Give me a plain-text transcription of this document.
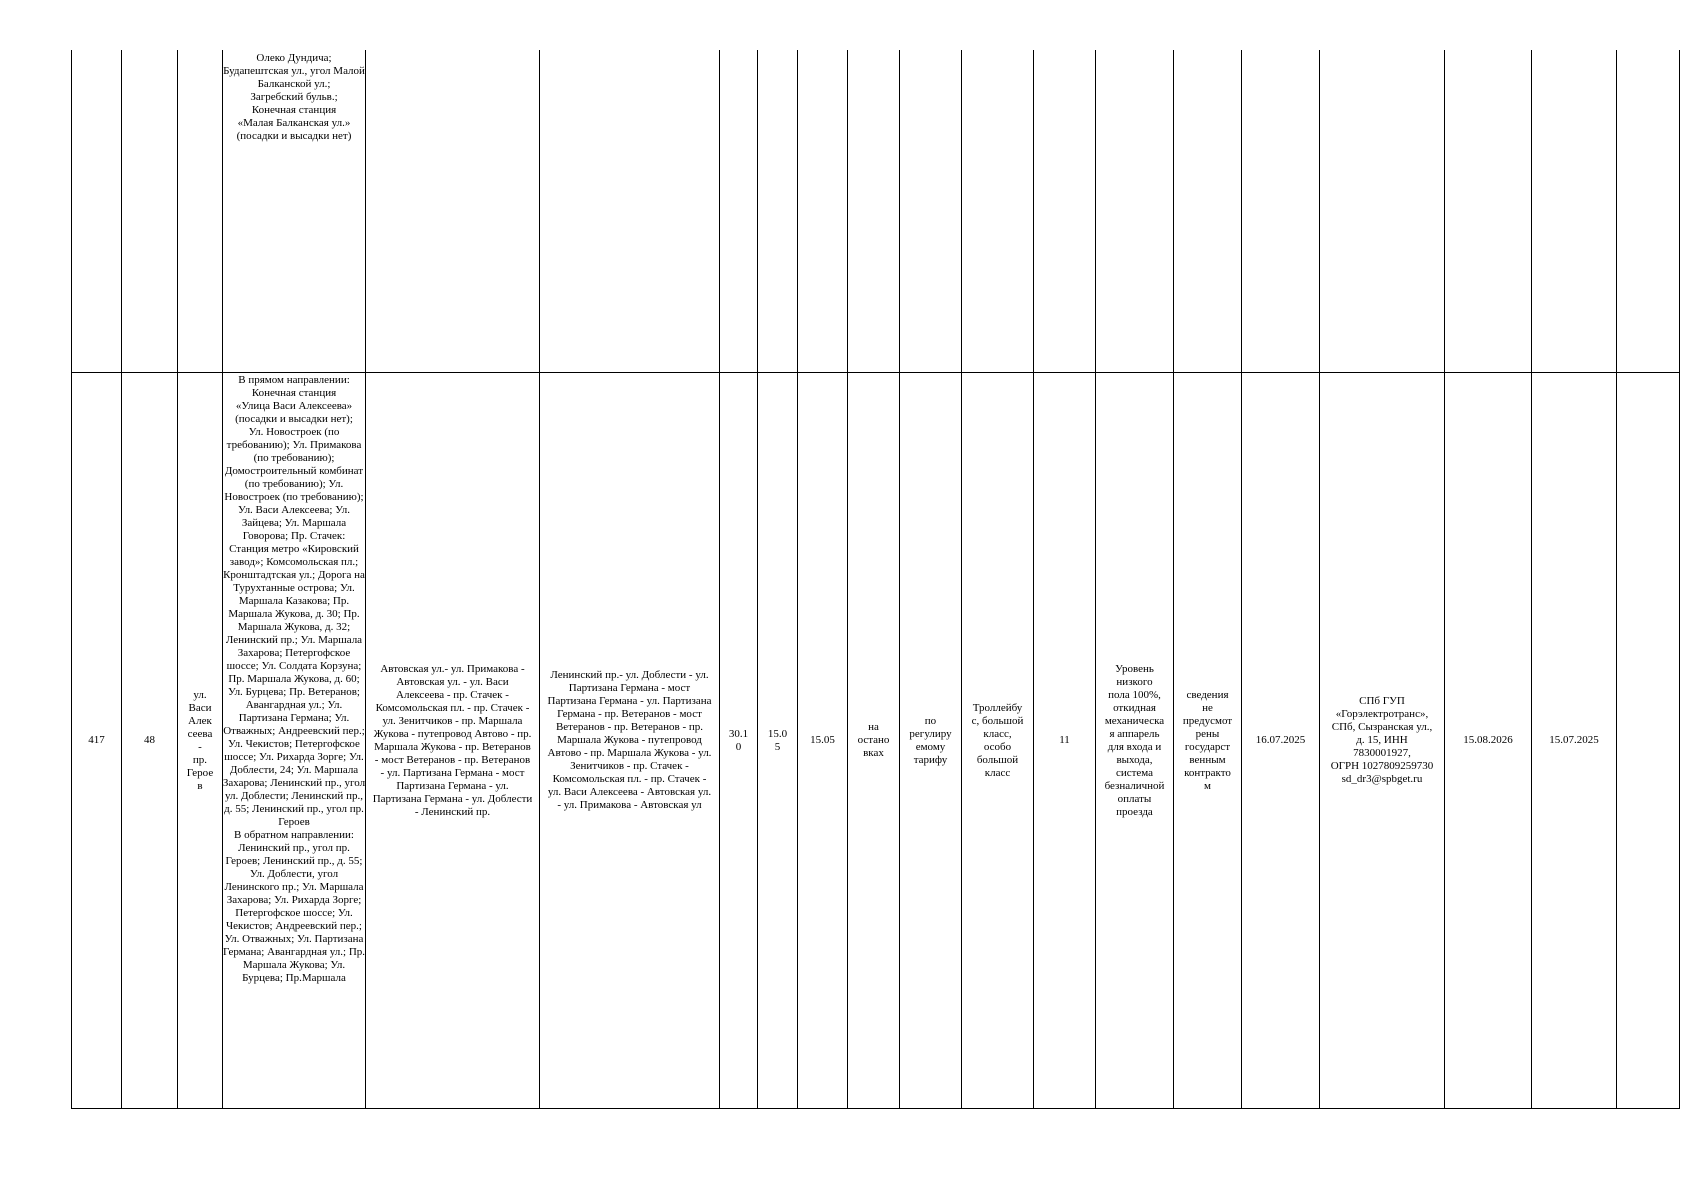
Олеко Дундича;
Будапештская ул., угол Малой Балканской ул.;
Загребский бульв.;
Конечная станция
«Малая Балканская ул.»
(посадки и высадки нет)
417	48
ул.
Васи
Алек
сеева
-
пр.
Герое
в
В прямом направлении:
Конечная станция
«Улица Васи Алексеева»
(посадки и высадки нет);
Ул. Новостроек (по требованию); Ул. Примакова (по требованию); Домостроительный комбинат (по требованию); Ул. Новостроек (по требованию); Ул. Васи Алексеева; Ул. Зайцева; Ул. Маршала Говорова; Пр. Стачек: Станция метро «Кировский завод»; Комсомольская пл.; Кронштадтская ул.; Дорога на Турухтанные острова; Ул. Маршала Казакова; Пр. Маршала Жукова, д. 30; Пр. Маршала Жукова, д. 32; Ленинский пр.; Ул. Маршала Захарова; Петергофское шоссе; Ул. Солдата Корзуна; Пр. Маршала Жукова, д. 60; Ул. Бурцева; Пр. Ветеранов; Авангардная ул.; Ул. Партизана Германа; Ул. Отважных; Андреевский пер.; Ул. Чекистов; Петергофское шоссе; Ул. Рихарда Зорге; Ул. Доблести, 24; Ул. Маршала Захарова; Ленинский пр., угол ул. Доблести; Ленинский пр., д. 55; Ленинский пр., угол пр. Героев
В обратном направлении:
Ленинский пр., угол пр. Героев; Ленинский пр., д. 55; Ул. Доблести, угол Ленинского пр.; Ул. Маршала Захарова; Ул. Рихарда Зорге; Петергофское шоссе; Ул. Чекистов; Андреевский пер.; Ул. Отважных; Ул. Партизана Германа; Авангардная ул.; Пр. Маршала Жукова; Ул. Бурцева; Пр.Маршала
Автовская ул.- ул. Примакова - Автовская ул. - ул. Васи Алексеева - пр. Стачек - Комсомольская пл. - пр. Стачек - ул. Зенитчиков - пр. Маршала Жукова - путепровод Автово - пр. Маршала Жукова - пр. Ветеранов - мост Ветеранов - пр. Ветеранов - ул. Партизана Германа - мост Партизана Германа - ул. Партизана Германа - ул. Доблести - Ленинский пр.
Ленинский пр.- ул. Доблести - ул. Партизана Германа - мост Партизана Германа - ул. Партизана Германа - пр. Ветеранов - мост Ветеранов - пр. Ветеранов - пр. Маршала Жукова - путепровод Автово - пр. Маршала Жукова - ул. Зенитчиков - пр. Стачек - Комсомольская пл. - пр. Стачек - ул. Васи Алексеева - Автовская ул. - ул. Примакова - Автовская ул
30.1
0
15.0
5
15.05
на
остано
вках
по
регулиру
емому
тарифу
Троллейбу
с, большой
класс,
особо
большой
класс
11
Уровень
низкого
пола 100%,
откидная
механическа
я аппарель
для входа и
выхода,
система
безналичной
оплаты
проезда
сведения
не
предусмот
рены
государст
венным
контракто
м
16.07.2025
СПб ГУП
«Горэлектротранс»,
СПб, Сызранская ул.,
д. 15, ИНН
7830001927,
ОГРН 1027809259730
sd_dr3@spbget.ru
15.08.2026	15.07.2025
